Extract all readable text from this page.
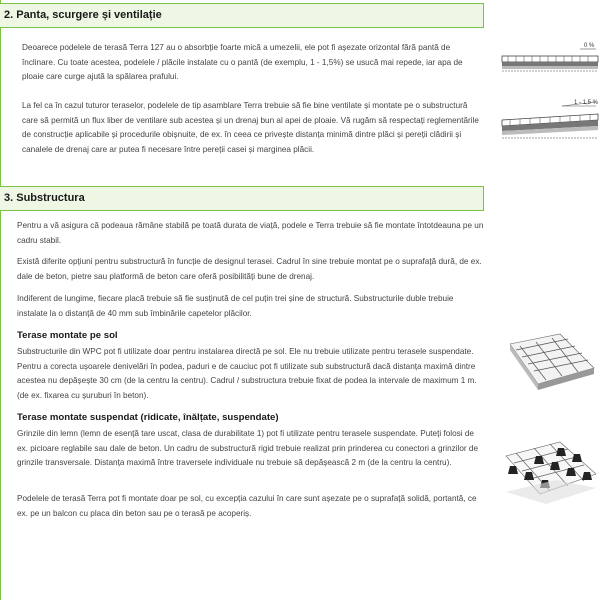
2. Panta, scurgere și ventilație

Deoarece podelele de terasă Terra 127 au o absorbție foarte mică a umezelii, ele pot fi așezate orizontal fără pantă de înclinare. Cu toate acestea, podelele / plăcile instalate cu o pantă (de exemplu, 1 - 1,5%) se usucă mai repede, iar apa de ploaie care curge ajută la spălarea prafului.

La fel ca în cazul tuturor teraselor, podelele de tip asamblare Terra trebuie să fie bine ventilate și montate pe o substructură care să permită un flux liber de ventilare sub acestea și un drenaj bun al apei de ploaie. Vă rugăm să respectați reglementările de construcție aplicabile și procedurile obișnuite, de ex. în ceea ce privește distanța minimă dintre plăci și pereții clădirii și canalele de drenaj care ar putea fi necesare între pereții casei și marginea plăcii.

0 %
1 - 1,5 %
3. Substructura

Pentru a vă asigura că podeaua rămâne stabilă pe toată durata de viață, podele e Terra trebuie să fie montate întotdeauna pe un cadru stabil.

Există diferite opțiuni pentru substructură în funcție de designul terasei. Cadrul în sine trebuie montat pe o suprafață dură, de ex. dale de beton, pietre sau platformă de beton care oferă posibilități bune de drenaj.

Indiferent de lungime, fiecare placă trebuie să fie susținută de cel puțin trei șine de structură. Substructurile duble trebuie instalate la o distanță de 40 mm sub îmbinările capetelor plăcilor.

Terase montate pe sol

Substructurile din WPC pot fi utilizate doar pentru instalarea directă pe sol. Ele nu trebuie utilizate pentru terasele suspendate. Pentru a corecta ușoarele denivelări în podea, paduri e de cauciuc pot fi utilizate sub substructură dacă distanța maximă dintre acestea nu depășește 30 cm (de la centru la centru). Cadrul / substructura trebuie fixat de podea la intervale de maximum 1 m. (de ex. fixarea cu șuruburi în beton).

Terase montate suspendat (ridicate, înălțate, suspendate)

Grinzile din lemn (lemn de esență tare uscat, clasa de durabilitate 1) pot fi utilizate pentru terasele suspendate. Puteți folosi de ex. picioare reglabile sau dale de beton. Un cadru de substructură rigid trebuie realizat prin prinderea cu conectori a grinzilor de grinzile transversale. Distanța maximă între traversele individuale nu trebuie să depășească 2 m (de la centru la centru).

Podelele de terasă Terra pot fi montate doar pe sol, cu excepția cazului în care sunt așezate pe o suprafață solidă, portantă, ce ex. pe un balcon cu placa din beton sau pe o terasă pe acoperiș.
